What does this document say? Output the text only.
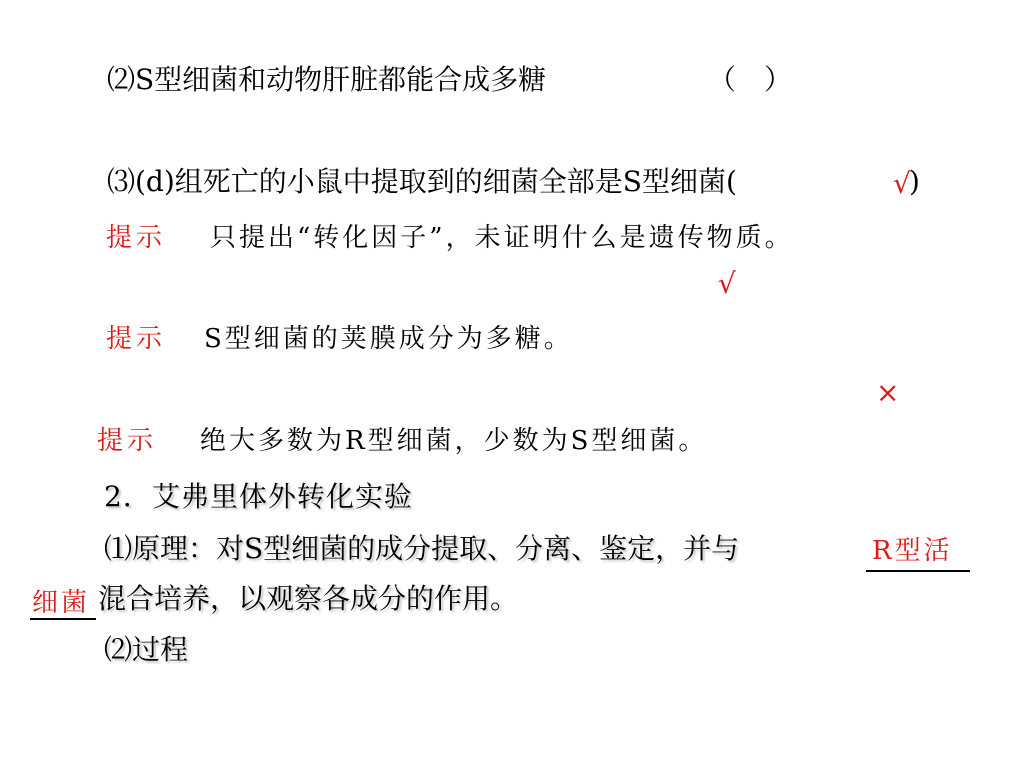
⑵S型细菌和动物肝脏都能合成多糖	（　）
⑶(d)组死亡的小鼠中提取到的细菌全部是S型细菌(	√
)
提示 只提出“转化因子”，未证明什么是遗传物质。
√
提示 S型细菌的荚膜成分为多糖。
×
提示 绝大多数为R型细菌，少数为S型细菌。
2．艾弗里体外转化实验
⑴原理：对S型细菌的成分提取、分离、鉴定，并与	R型活
细菌 混合培养，以观察各成分的作用。
⑵过程
